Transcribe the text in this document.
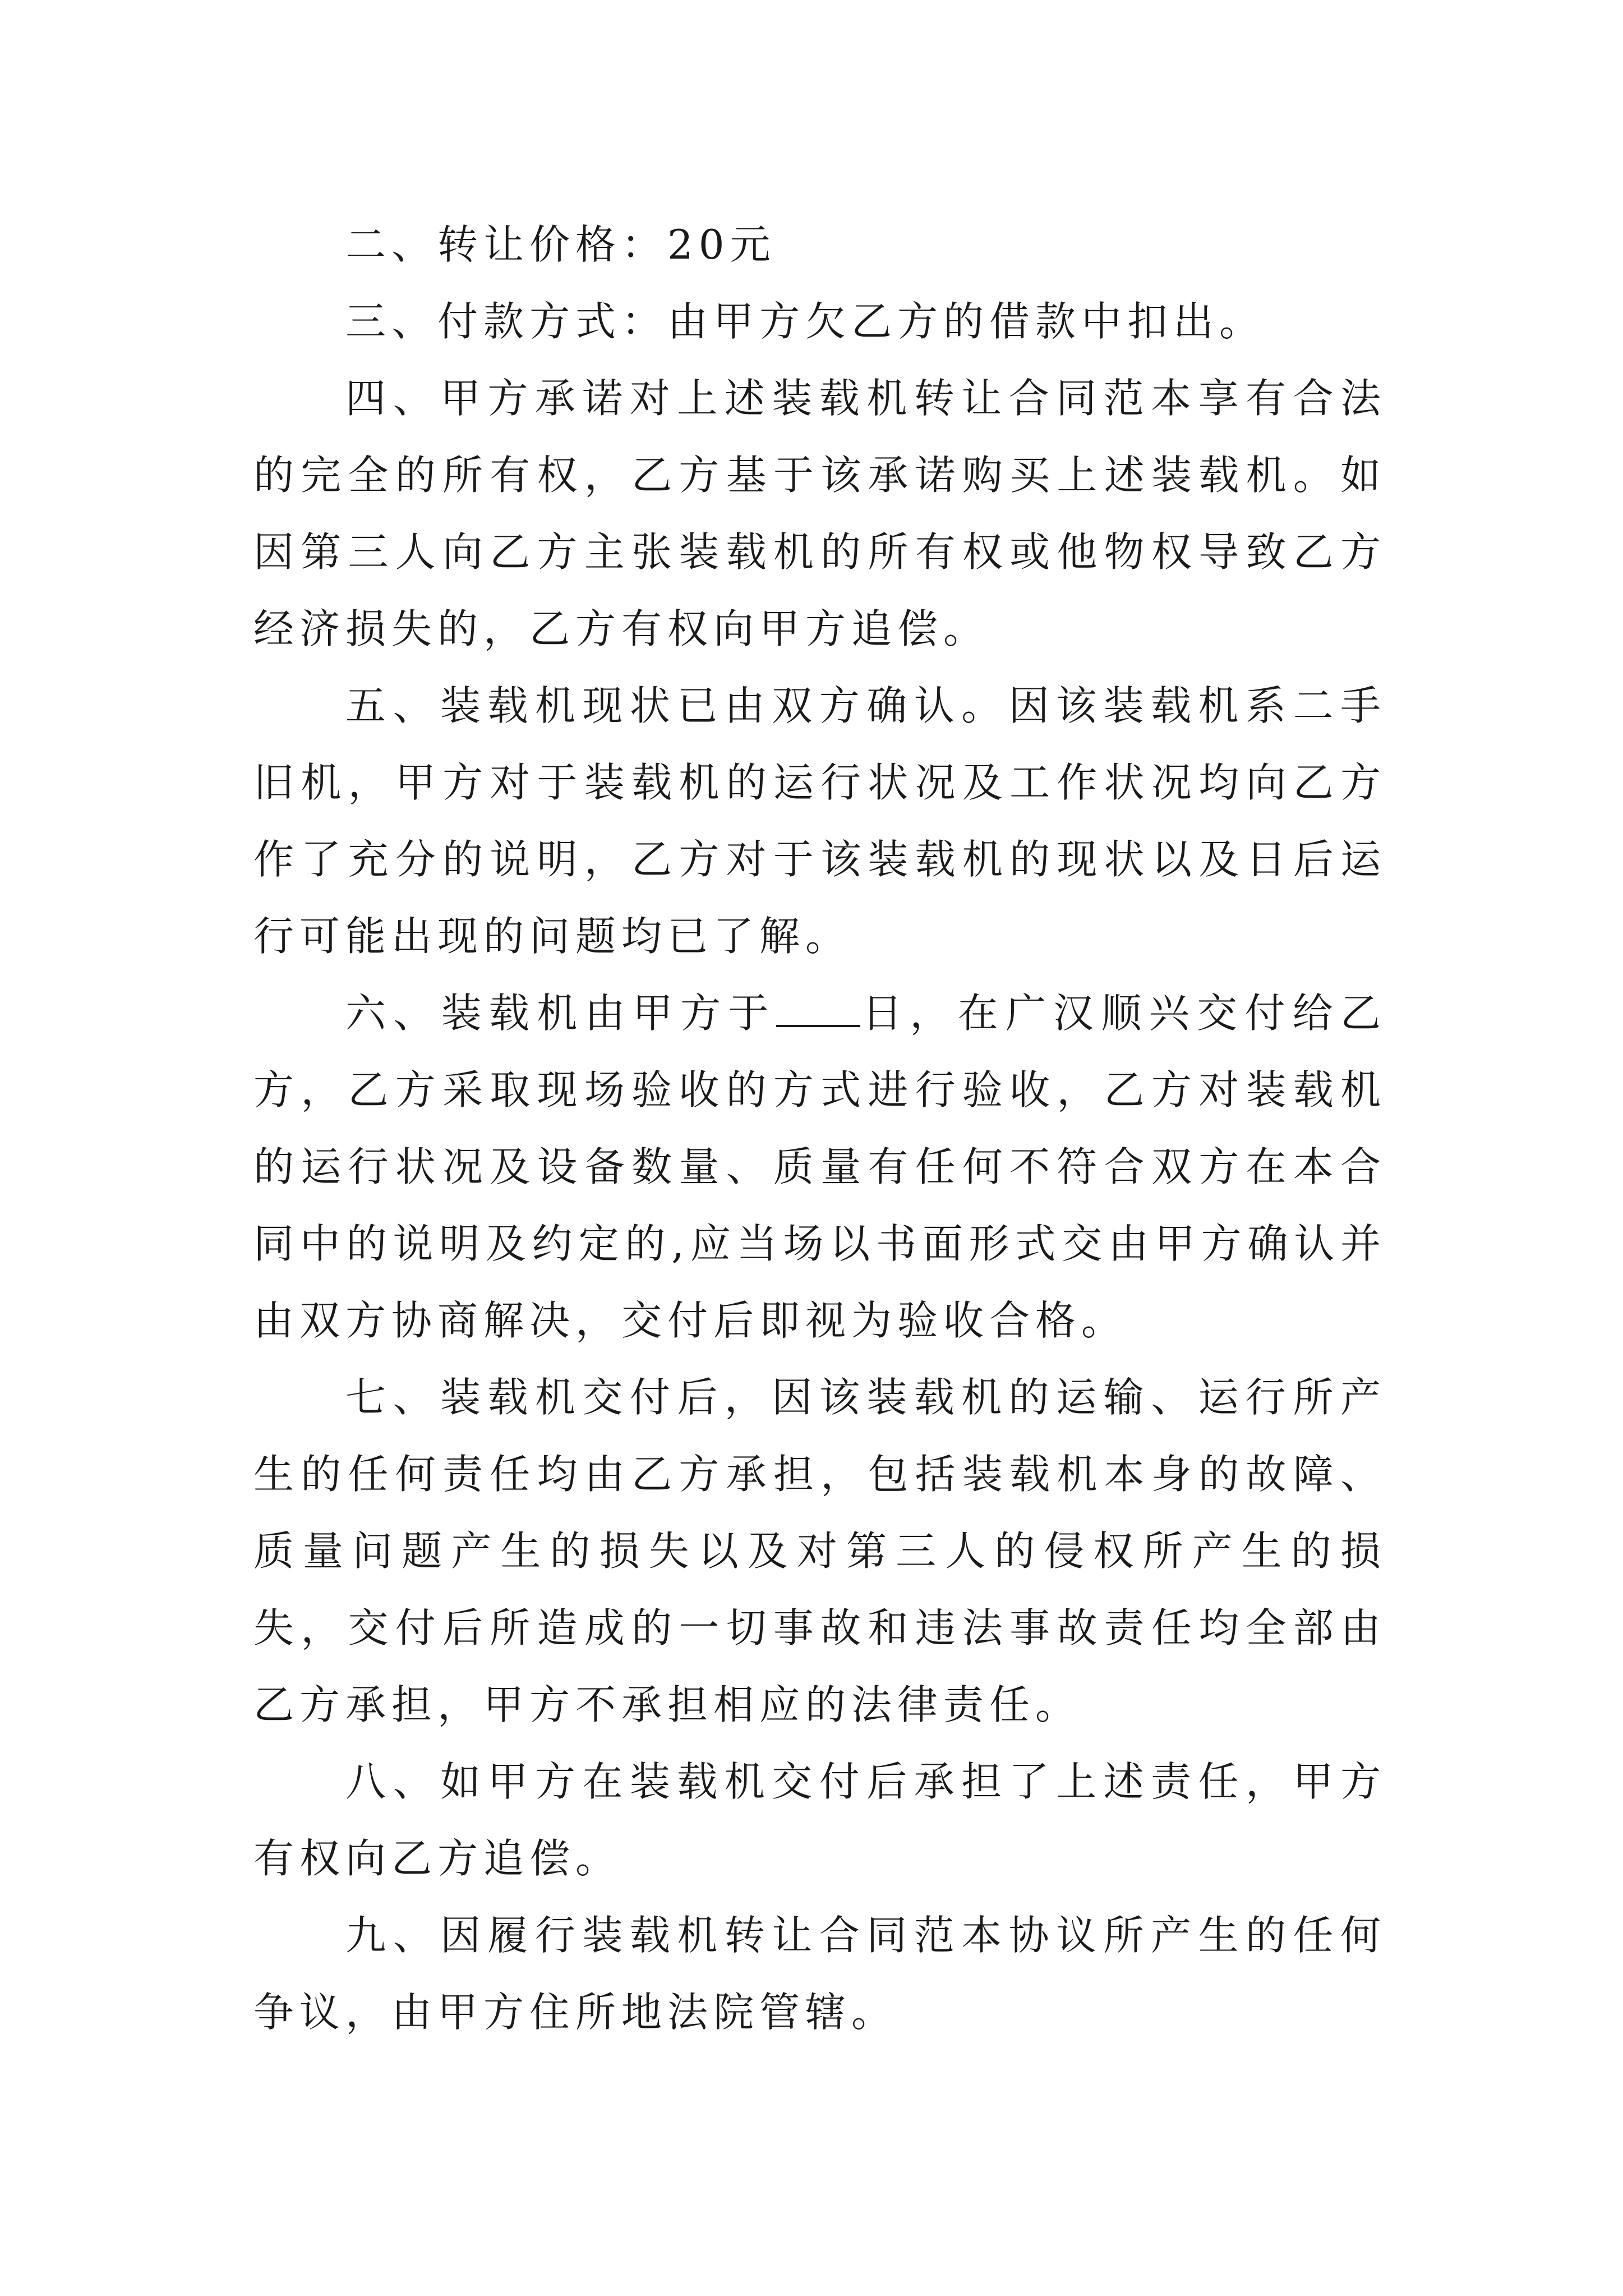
二、转让价格：20元

三、付款方式：由甲方欠乙方的借款中扣出。

四、甲方承诺对上述装载机转让合同范本享有合法的完全的所有权，乙方基于该承诺购买上述装载机。如因第三人向乙方主张装载机的所有权或他物权导致乙方经济损失的，乙方有权向甲方追偿。

五、装载机现状已由双方确认。因该装载机系二手旧机，甲方对于装载机的运行状况及工作状况均向乙方作了充分的说明，乙方对于该装载机的现状以及日后运行可能出现的问题均已了解。

六、装载机由甲方于 日，在广汉顺兴交付给乙方，乙方采取现场验收的方式进行验收，乙方对装载机的运行状况及设备数量、质量有任何不符合双方在本合同中的说明及约定的,应当场以书面形式交由甲方确认并由双方协商解决，交付后即视为验收合格。

七、装载机交付后，因该装载机的运输、运行所产生的任何责任均由乙方承担，包括装载机本身的故障、质量问题产生的损失以及对第三人的侵权所产生的损失，交付后所造成的一切事故和违法事故责任均全部由乙方承担，甲方不承担相应的法律责任。

八、如甲方在装载机交付后承担了上述责任，甲方有权向乙方追偿。

九、因履行装载机转让合同范本协议所产生的任何争议，由甲方住所地法院管辖。
